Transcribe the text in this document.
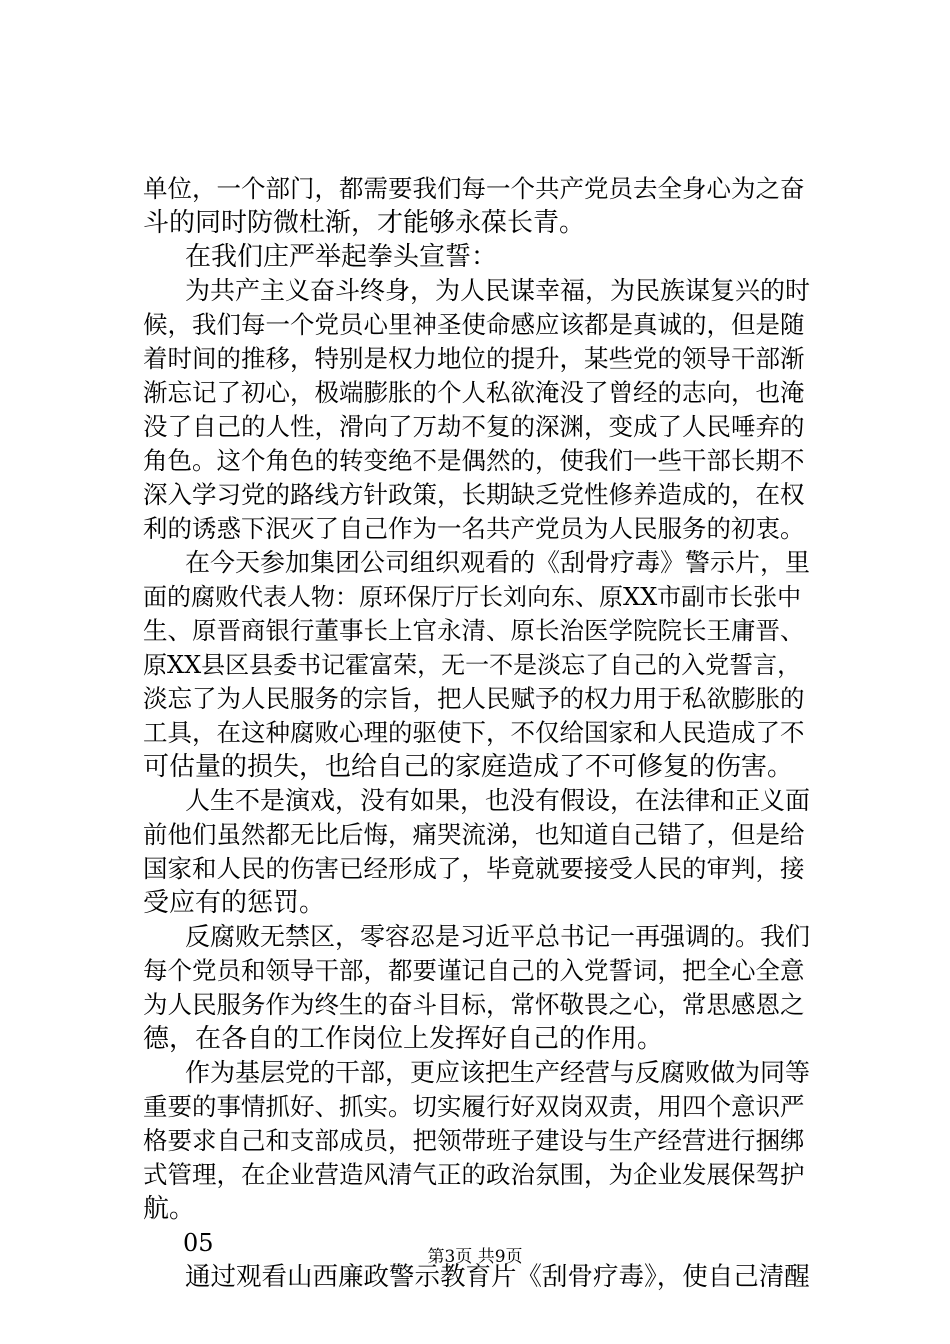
单位，一个部门，都需要我们每一个共产党员去全身心为之奋
斗的同时防微杜渐，才能够永葆长青。
在我们庄严举起拳头宣誓：
为共产主义奋斗终身，为人民谋幸福，为民族谋复兴的时
候，我们每一个党员心里神圣使命感应该都是真诚的，但是随
着时间的推移，特别是权力地位的提升，某些党的领导干部渐
渐忘记了初心，极端膨胀的个人私欲淹没了曾经的志向，也淹
没了自己的人性，滑向了万劫不复的深渊，变成了人民唾弃的
角色。这个角色的转变绝不是偶然的，使我们一些干部长期不
深入学习党的路线方针政策，长期缺乏党性修养造成的，在权
利的诱惑下泯灭了自己作为一名共产党员为人民服务的初衷。
在今天参加集团公司组织观看的《刮骨疗毒》警示片，里
面的腐败代表人物：原环保厅厅长刘向东、原XX市副市长张中
生、原晋商银行董事长上官永清、原长治医学院院长王庸晋、
原XX县区县委书记霍富荣，无一不是淡忘了自己的入党誓言，
淡忘了为人民服务的宗旨，把人民赋予的权力用于私欲膨胀的
工具，在这种腐败心理的驱使下，不仅给国家和人民造成了不
可估量的损失，也给自己的家庭造成了不可修复的伤害。
人生不是演戏，没有如果，也没有假设，在法律和正义面
前他们虽然都无比后悔，痛哭流涕，也知道自己错了，但是给
国家和人民的伤害已经形成了，毕竟就要接受人民的审判，接
受应有的惩罚。
反腐败无禁区，零容忍是习近平总书记一再强调的。我们
每个党员和领导干部，都要谨记自己的入党誓词，把全心全意
为人民服务作为终生的奋斗目标，常怀敬畏之心，常思感恩之
德，在各自的工作岗位上发挥好自己的作用。
作为基层党的干部，更应该把生产经营与反腐败做为同等
重要的事情抓好、抓实。切实履行好双岗双责，用四个意识严
格要求自己和支部成员，把领带班子建设与生产经营进行捆绑
式管理，在企业营造风清气正的政治氛围，为企业发展保驾护
航。
05
通过观看山西廉政警示教育片《刮骨疗毒》，使自己清醒
第3页 共9页
